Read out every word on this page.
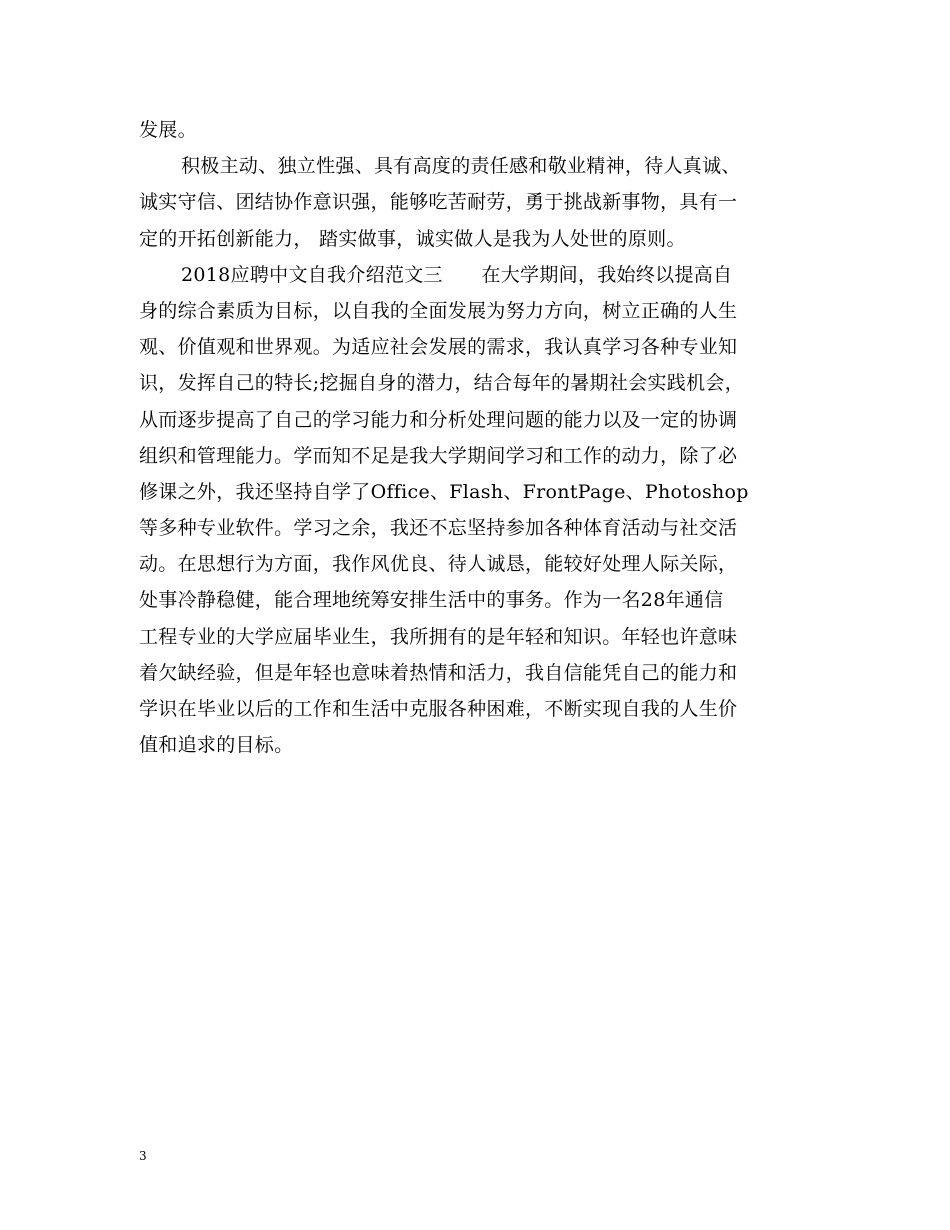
发展。
积极主动、独立性强、具有高度的责任感和敬业精神，待人真诚、
诚实守信、团结协作意识强，能够吃苦耐劳，勇于挑战新事物，具有一
定的开拓创新能力， 踏实做事，诚实做人是我为人处世的原则。
2018应聘中文自我介绍范文三　　在大学期间，我始终以提高自
身的综合素质为目标，以自我的全面发展为努力方向，树立正确的人生
观、价值观和世界观。为适应社会发展的需求，我认真学习各种专业知
识，发挥自己的特长;挖掘自身的潜力，结合每年的暑期社会实践机会，
从而逐步提高了自己的学习能力和分析处理问题的能力以及一定的协调
组织和管理能力。学而知不足是我大学期间学习和工作的动力，除了必
修课之外，我还坚持自学了Office、Flash、FrontPage、Photoshop
等多种专业软件。学习之余，我还不忘坚持参加各种体育活动与社交活
动。在思想行为方面，我作风优良、待人诚恳，能较好处理人际关际，
处事冷静稳健，能合理地统筹安排生活中的事务。作为一名28年通信
工程专业的大学应届毕业生，我所拥有的是年轻和知识。年轻也许意味
着欠缺经验，但是年轻也意味着热情和活力，我自信能凭自己的能力和
学识在毕业以后的工作和生活中克服各种困难，不断实现自我的人生价
值和追求的目标。
3
